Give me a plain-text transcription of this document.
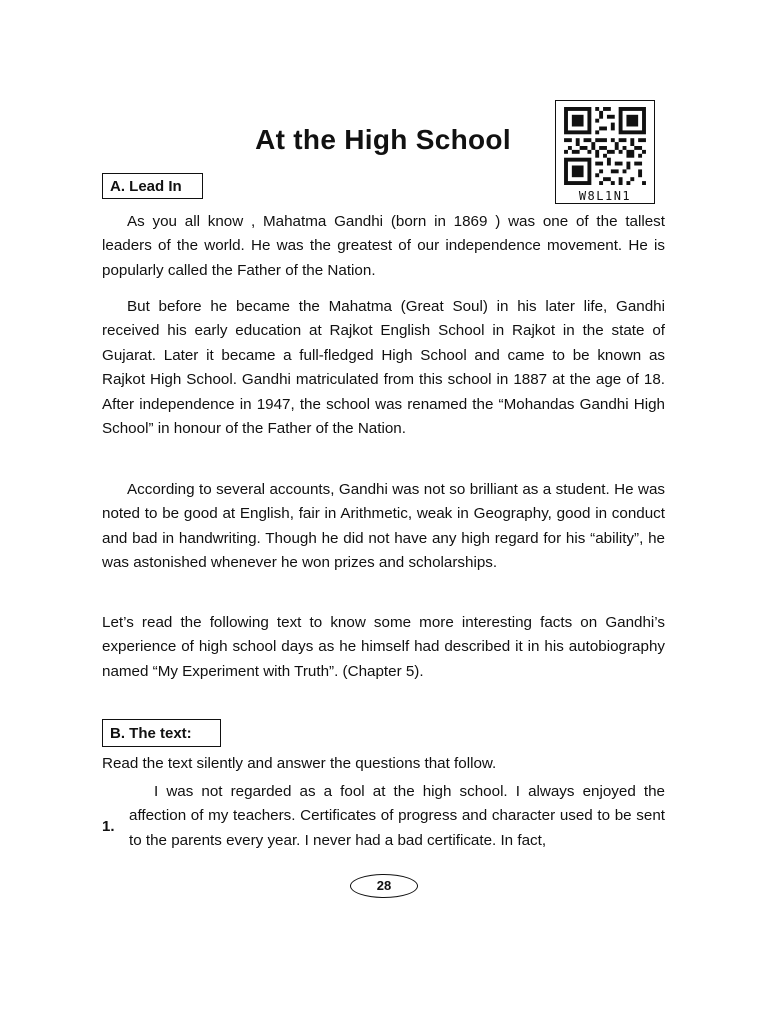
At the High School
W8L1N1
A. Lead In

As you all know , Mahatma Gandhi (born in 1869 ) was one of the tallest leaders of the world. He was the greatest of our independence movement. He is popularly called the Father of the Nation.

But before he became the Mahatma (Great Soul) in his later life, Gandhi received his early education at Rajkot English School in Rajkot in the state of Gujarat. Later it became a full-fledged High School and came to be known as Rajkot High School. Gandhi matriculated from this school in 1887 at the age of 18. After independence in 1947, the school was renamed the “Mohandas Gandhi High School” in honour of the Father of the Nation.

According to several accounts, Gandhi was not so brilliant as a student. He was noted to be good at English, fair in Arithmetic, weak in Geography, good in conduct and bad in handwriting. Though he did not have any high regard for his “ability”, he was astonished whenever he won prizes and scholarships.

Let’s read the following text to know some more interesting facts on Gandhi’s experience of high school days as he himself had described it in his autobiography named “My Experiment with Truth”. (Chapter 5).

B. The text:

Read the text silently and answer the questions that follow.

1.

I was not regarded as a fool at the high school. I always enjoyed the affection of my teachers. Certificates of progress and character used to be sent to the parents every year. I never had a bad certificate. In fact,

28
